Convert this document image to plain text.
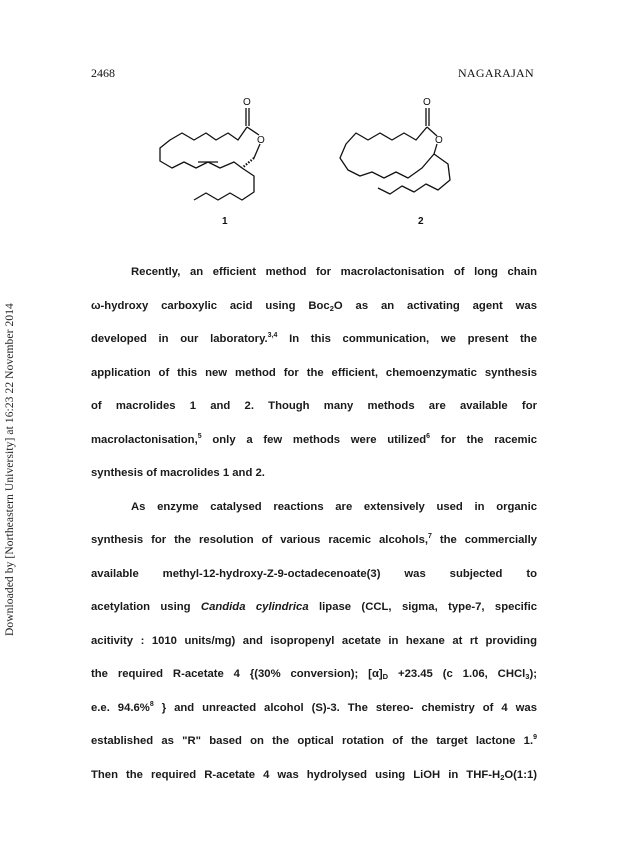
Downloaded by [Northeastern University] at 16:23 22 November 2014
2468	NAGARAJAN
O
O
1
O
O
2
Recently, an efficient method for macrolactonisation of long chain
ω-hydroxy carboxylic acid using Boc$_2$O as an activating agent was
developed in our laboratory.$^{3,4}$ In this communication, we present the
application of this new method for the efficient, chemoenzymatic synthesis
of macrolides 1 and 2. Though many methods are available for
macrolactonisation,$^5$ only a few methods were utilized$^6$ for the racemic
synthesis of macrolides 1 and 2.
As enzyme catalysed reactions are extensively used in organic
synthesis for the resolution of various racemic alcohols,$^7$ the commercially
available methyl-12-hydroxy-Z-9-octadecenoate(3) was subjected to
acetylation using Candida cylindrica lipase (CCL, sigma, type-7, specific
acitivity : 1010 units/mg) and isopropenyl acetate in hexane at rt providing
the required R-acetate 4 {(30% conversion); $[\alpha]_D +23.45$ (c 1.06, CHCl$_3$);
e.e. 94.6%$^8$ } and unreacted alcohol (S)-3. The stereo- chemistry of 4 was
established as "R" based on the optical rotation of the target lactone 1.$^9$
Then the required R-acetate 4 was hydrolysed using LiOH in THF-$H_2O(1:1)$
